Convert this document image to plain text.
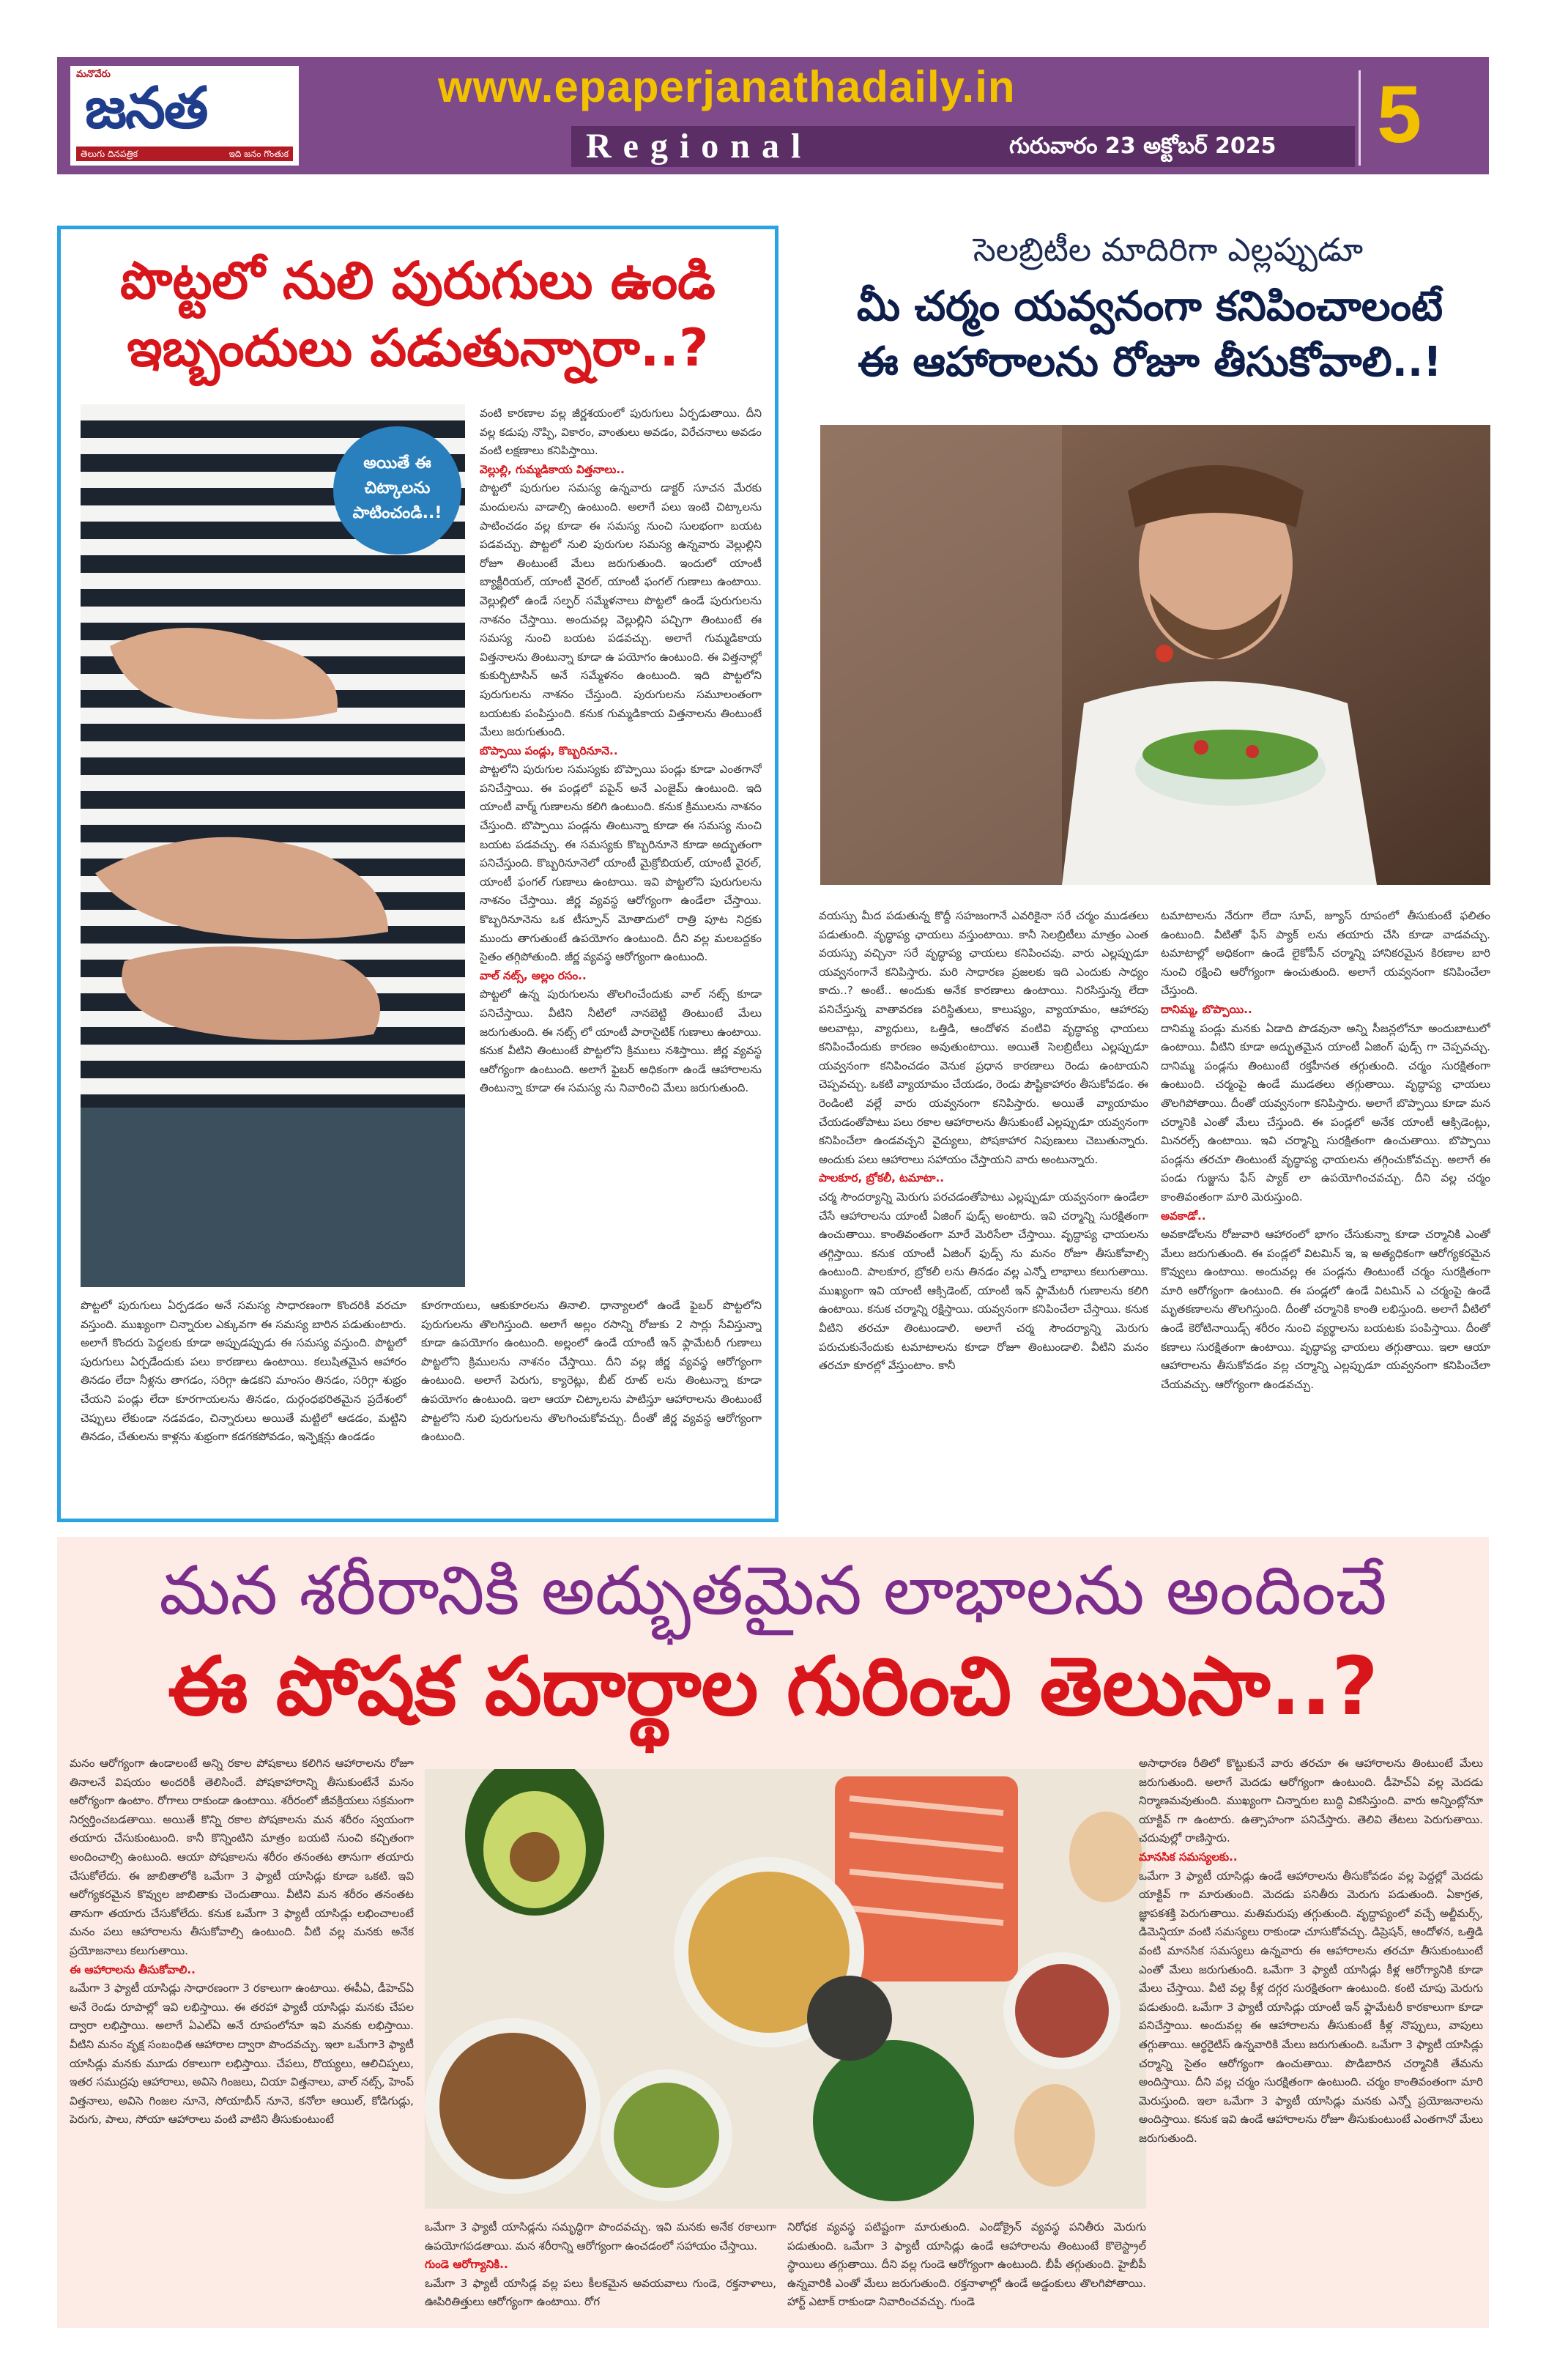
మనొవేరు
జనత
తెలుగు దినపత్రిక	ఇది జనం గొంతుక
www.epaperjanathadaily.in
Regional	గురువారం 23 అక్టోబర్ 2025 5
పొట్టలో నులి పురుగులు ఉండి
ఇబ్బందులు పడుతున్నారా..?
అయితే ఈ చిట్కాలను పాటించండి..!
వంటి కారణాల వల్ల జీర్ణశయంలో పురుగులు ఏర్పడుతాయి. దీని వల్ల కడుపు నొప్పి, వికారం, వాంతులు అవడం, విరేచనాలు అవడం వంటి లక్షణాలు కనిపిస్తాయి.
వెల్లుల్లి, గుమ్మడికాయ విత్తనాలు..
పొట్టలో పురుగుల సమస్య ఉన్నవారు డాక్టర్ సూచన మేరకు మందులను వాడాల్సి ఉంటుంది. అలాగే పలు ఇంటి చిట్కాలను పాటించడం వల్ల కూడా ఈ సమస్య నుంచి సులభంగా బయట పడవచ్చు. పొట్టలో నులి పురుగుల సమస్య ఉన్నవారు వెల్లుల్లిని రోజూ తింటుంటే మేలు జరుగుతుంది. ఇందులో యాంటీ బ్యాక్టీరియల్, యాంటీ వైరల్, యాంటీ ఫంగల్ గుణాలు ఉంటాయి. వెల్లుల్లిలో ఉండే సల్ఫర్ సమ్మేళనాలు పొట్టలో ఉండే పురుగులను నాశనం చేస్తాయి. అందువల్ల వెల్లుల్లిని పచ్చిగా తింటుంటే ఈ సమస్య నుంచి బయట పడవచ్చు. అలాగే గుమ్మడికాయ విత్తనాలను తింటున్నా కూడా ఉ పయోగం ఉంటుంది. ఈ విత్తనాల్లో కుకుర్బిటాసిన్ అనే సమ్మేళనం ఉంటుంది. ఇది పొట్టలోని పురుగులను నాశనం చేస్తుంది. పురుగులను సమూలంతంగా బయటకు పంపిస్తుంది. కనుక గుమ్మడికాయ విత్తనాలను తింటుంటే మేలు జరుగుతుంది.
బొప్పాయి పండ్లు, కొబ్బరినూనె..
పొట్టలోని పురుగుల సమస్యకు బొప్పాయి పండ్లు కూడా ఎంతగానో పనిచేస్తాయి. ఈ పండ్లలో పపైన్ అనే ఎంజైమ్ ఉంటుంది. ఇది యాంటీ వార్మ్ గుణాలను కలిగి ఉంటుంది. కనుక క్రిములను నాశనం చేస్తుంది. బొప్పాయి పండ్లను తింటున్నా కూడా ఈ సమస్య నుంచి బయట పడవచ్చు. ఈ సమస్యకు కొబ్బరినూనె కూడా అద్భుతంగా పనిచేస్తుంది. కొబ్బరినూనెలో యాంటీ మైక్రోబియల్, యాంటీ వైరల్, యాంటీ ఫంగల్ గుణాలు ఉంటాయి. ఇవి పొట్టలోని పురుగులను నాశనం చేస్తాయి. జీర్ణ వ్యవస్థ ఆరోగ్యంగా ఉండేలా చేస్తాయి. కొబ్బరినూనెను ఒక టీస్పూన్ మోతాదులో రాత్రి పూట నిద్రకు ముందు తాగుతుంటే ఉపయోగం ఉంటుంది. దీని వల్ల మలబద్దకం సైతం తగ్గిపోతుంది. జీర్ణ వ్యవస్థ ఆరోగ్యంగా ఉంటుంది.
వాల్ నట్స్, అల్లం రసం..
పొట్టలో ఉన్న పురుగులను తొలగించేందుకు వాల్ నట్స్ కూడా పనిచేస్తాయి. వీటిని నీటిలో నానబెట్టి తింటుంటే మేలు జరుగుతుంది. ఈ నట్స్ లో యాంటీ పారాసైటిక్ గుణాలు ఉంటాయి. కనుక వీటిని తింటుంటే పొట్టలోని క్రిములు నశిస్తాయి. జీర్ణ వ్యవస్థ ఆరోగ్యంగా ఉంటుంది. అలాగే ఫైబర్ అధికంగా ఉండే ఆహారాలను తింటున్నా కూడా ఈ సమస్య ను నివారించి మేలు జరుగుతుంది.
పొట్టలో పురుగులు ఏర్పడడం అనే సమస్య సాధారణంగా కొందరికి వరచూ వస్తుంది. ముఖ్యంగా చిన్నారుల ఎక్కువగా ఈ సమస్య బారిన పడుతుంటారు. అలాగే కొందరు పెద్దలకు కూడా అప్పుడప్పుడు ఈ సమస్య వస్తుంది. పొట్టలో పురుగులు ఏర్పడేందుకు పలు కారణాలు ఉంటాయి. కలుషితమైన ఆహారం తినడం లేదా నీళ్లను తాగడం, సరిగ్గా ఉడకని మాంసం తినడం, సరిగ్గా శుభ్రం చేయని పండ్లు లేదా కూరగాయలను తినడం, దుర్గంధభరితమైన ప్రదేశంలో చెప్పులు లేకుండా నడవడం, చిన్నారులు అయితే మట్టిలో ఆడడం, మట్టిని తినడం, చేతులను కాళ్లను శుభ్రంగా కడగకపోవడం, ఇన్ఫెక్షన్లు ఉండడం
కూరగాయలు, ఆకుకూరలను తినాలి. ధాన్యాలలో ఉండే ఫైబర్ పొట్టలోని పురుగులను తొలగిస్తుంది. అలాగే అల్లం రసాన్ని రోజుకు 2 సార్లు సేవిస్తున్నా కూడా ఉపయోగం ఉంటుంది. అల్లంలో ఉండే యాంటీ ఇన్ ఫ్లామేటరీ గుణాలు పొట్టలోని క్రిములను నాశనం చేస్తాయి. దీని వల్ల జీర్ణ వ్యవస్థ ఆరోగ్యంగా ఉంటుంది. అలాగే పెరుగు, క్యారెట్లు, బీట్ రూట్ లను తింటున్నా కూడా ఉపయోగం ఉంటుంది. ఇలా ఆయా చిట్కాలను పాటిస్తూ ఆహారాలను తింటుంటే పొట్టలోని నులి పురుగులను తొలగించుకోవచ్చు. దీంతో జీర్ణ వ్యవస్థ ఆరోగ్యంగా ఉంటుంది.
సెలబ్రిటీల మాదిరిగా ఎల్లప్పుడూ
మీ చర్మం యవ్వనంగా కనిపించాలంటే
ఈ ఆహారాలను రోజూ తీసుకోవాలి..!
వయస్సు మీద పడుతున్న కొద్దీ సహజంగానే ఎవరికైనా సరే చర్మం ముడతలు పడుతుంది. వృద్ధాప్య ఛాయలు వస్తుంటాయి. కానీ సెలబ్రిటీలు మాత్రం ఎంత వయస్సు వచ్చినా సరే వృద్ధాప్య ఛాయలు కనిపించవు. వారు ఎల్లప్పుడూ యవ్వనంగానే కనిపిస్తారు. మరి సాధారణ ప్రజలకు ఇది ఎందుకు సాధ్యం కాదు..? అంటే.. అందుకు అనేక కారణాలు ఉంటాయి. నిరసిస్తున్న లేదా పనిచేస్తున్న వాతావరణ పరిస్థితులు, కాలుష్యం, వ్యాయామం, ఆహారపు అలవాట్లు, వ్యాధులు, ఒత్తిడి, ఆందోళన వంటివి వృద్ధాప్య ఛాయలు కనిపించేందుకు కారణం అవుతుంటాయి. అయితే సెలబ్రిటీలు ఎల్లప్పుడూ యవ్వనంగా కనిపించడం వెనుక ప్రధాన కారణాలు రెండు ఉంటాయని చెప్పవచ్చు. ఒకటి వ్యాయామం చేయడం, రెండు పౌష్టికాహారం తీసుకోవడం. ఈ రెండింటి వల్లే వారు యవ్వనంగా కనిపిస్తారు. అయితే వ్యాయామం చేయడంతోపాటు పలు రకాల ఆహారాలను తీసుకుంటే ఎల్లప్పుడూ యవ్వనంగా కనిపించేలా ఉండవచ్చని వైద్యులు, పోషకాహార నిపుణులు చెబుతున్నారు. అందుకు పలు ఆహారాలు సహాయం చేస్తాయని వారు అంటున్నారు.
పాలకూర, బ్రోకలీ, టమాటా..
చర్మ సౌందర్యాన్ని మెరుగు పరచడంతోపాటు ఎల్లప్పుడూ యవ్వనంగా ఉండేలా చేసే ఆహారాలను యాంటీ ఏజింగ్ ఫుడ్స్ అంటారు. ఇవి చర్మాన్ని సురక్షితంగా ఉంచుతాయి. కాంతివంతంగా మారే మెరిసేలా చేస్తాయి. వృద్ధాప్య ఛాయలను తగ్గిస్తాయి. కనుక యాంటీ ఏజింగ్ ఫుడ్స్ ను మనం రోజూ తీసుకోవాల్సి ఉంటుంది. పాలకూర, బ్రోకలీ లను తినడం వల్ల ఎన్నో లాభాలు కలుగుతాయి. ముఖ్యంగా ఇవి యాంటీ ఆక్సిడెంట్, యాంటీ ఇన్ ఫ్లామేటరీ గుణాలను కలిగి ఉంటాయి. కనుక చర్మాన్ని రక్షిస్తాయి. యవ్వనంగా కనిపించేలా చేస్తాయి. కనుక వీటిని తరచూ తింటుండాలి. అలాగే చర్మ సౌందర్యాన్ని మెరుగు పరుచుకునేందుకు టమాటాలను కూడా రోజూ తింటుండాలి. వీటిని మనం తరచూ కూరల్లో వేస్తుంటాం. కానీ
టమాటాలను నేరుగా లేదా సూప్, జ్యూస్ రూపంలో తీసుకుంటే ఫలితం ఉంటుంది. వీటితో ఫేస్ ప్యాక్ లను తయారు చేసి కూడా వాడవచ్చు. టమాటాల్లో అధికంగా ఉండే లైకోపీన్ చర్మాన్ని హానికరమైన కిరణాల బారి నుంచి రక్షించి ఆరోగ్యంగా ఉంచుతుంది. అలాగే యవ్వనంగా కనిపించేలా చేస్తుంది.
దానిమ్మ, బొప్పాయి..
దానిమ్మ పండ్లు మనకు ఏడాది పొడవునా అన్ని సీజన్లలోనూ అందుబాటులో ఉంటాయి. వీటిని కూడా అద్భుతమైన యాంటీ ఏజింగ్ ఫుడ్స్ గా చెప్పవచ్చు. దానిమ్మ పండ్లను తింటుంటే రక్తహీనత తగ్గుతుంది. చర్మం సురక్షితంగా ఉంటుంది. చర్మంపై ఉండే ముడతలు తగ్గుతాయి. వృద్ధాప్య ఛాయలు తొలగిపోతాయి. దీంతో యవ్వనంగా కనిపిస్తారు. అలాగే బొప్పాయి కూడా మన చర్మానికి ఎంతో మేలు చేస్తుంది. ఈ పండ్లలో అనేక యాంటీ ఆక్సిడెంట్లు, మినరల్స్ ఉంటాయి. ఇవి చర్మాన్ని సురక్షితంగా ఉంచుతాయి. బొప్పాయి పండ్లను తరచూ తింటుంటే వృద్ధాప్య ఛాయలను తగ్గించుకోవచ్చు. అలాగే ఈ పండు గుజ్జును ఫేస్ ప్యాక్ లా ఉపయోగించవచ్చు. దీని వల్ల చర్మం కాంతివంతంగా మారి మెరుస్తుంది.
అవకాడో..
అవకాడోలను రోజువారి ఆహారంలో భాగం చేసుకున్నా కూడా చర్మానికి ఎంతో మేలు జరుగుతుంది. ఈ పండ్లలో విటమిన్ ఇ, ఇ అత్యధికంగా ఆరోగ్యకరమైన కొవ్వులు ఉంటాయి. అందువల్ల ఈ పండ్లను తింటుంటే చర్మం సురక్షితంగా మారి ఆరోగ్యంగా ఉంటుంది. ఈ పండ్లలో ఉండే విటమిన్ ఎ చర్మంపై ఉండే మృతకణాలను తొలగిస్తుంది. దీంతో చర్మానికి కాంతి లభిస్తుంది. అలాగే వీటిలో ఉండే కెరోటినాయిడ్స్ శరీరం నుంచి వ్యర్థాలను బయటకు పంపిస్తాయి. దీంతో కణాలు సురక్షితంగా ఉంటాయి. వృద్ధాప్య ఛాయలు తగ్గుతాయి. ఇలా ఆయా ఆహారాలను తీసుకోవడం వల్ల చర్మాన్ని ఎల్లప్పుడూ యవ్వనంగా కనిపించేలా చేయవచ్చు. ఆరోగ్యంగా ఉండవచ్చు.
మన శరీరానికి అద్భుతమైన లాభాలను అందించే
ఈ పోషక పదార్థాల గురించి తెలుసా..?
మనం ఆరోగ్యంగా ఉండాలంటే అన్ని రకాల పోషకాలు కలిగిన ఆహారాలను రోజూ తినాలనే విషయం అందరికీ తెలిసిందే. పోషకాహారాన్ని తీసుకుంటేనే మనం ఆరోగ్యంగా ఉంటాం. రోగాలు రాకుండా ఉంటాయి. శరీరంలో జీవక్రియలు సక్రమంగా నిర్వర్తించబడతాయి. అయితే కొన్ని రకాల పోషకాలను మన శరీరం స్వయంగా తయారు చేసుకుంటుంది. కానీ కొన్నింటిని మాత్రం బయటి నుంచి కచ్చితంగా అందించాల్సి ఉంటుంది. ఆయా పోషకాలను శరీరం తనంతట తానుగా తయారు చేసుకోలేదు. ఈ జాబితాలోకి ఒమేగా 3 ఫ్యాటీ యాసిడ్లు కూడా ఒకటి. ఇవి ఆరోగ్యకరమైన కొవ్వుల జాబితాకు చెందుతాయి. వీటిని మన శరీరం తనంతట తానుగా తయారు చేసుకోలేదు. కనుక ఒమేగా 3 ఫ్యాటీ యాసిడ్లు లభించాలంటే మనం పలు ఆహారాలను తీసుకోవాల్సి ఉంటుంది. వీటి వల్ల మనకు అనేక ప్రయోజనాలు కలుగుతాయి.
ఈ ఆహారాలను తీసుకోవాలి..
ఒమేగా 3 ఫ్యాటీ యాసిడ్లు సాధారణంగా 3 రకాలుగా ఉంటాయి. ఈపీఏ, డీహెచ్ఏ అనే రెండు రూపాల్లో ఇవి లభిస్తాయి. ఈ తరహా ఫ్యాటీ యాసిడ్లు మనకు చేపల ద్వారా లభిస్తాయి. అలాగే ఏఎల్ఏ అనే రూపంలోనూ ఇవి మనకు లభిస్తాయి. వీటిని మనం వృక్ష సంబంధిత ఆహారాల ద్వారా పొందవచ్చు. ఇలా ఒమేగా3 ఫ్యాటీ యాసిడ్లు మనకు మూడు రకాలుగా లభిస్తాయి. చేపలు, రొయ్యలు, ఆలిచిప్పలు, ఇతర సముద్రపు ఆహారాలు, అవిసె గింజలు, చియా విత్తనాలు, వాల్ నట్స్, హెంప్ విత్తనాలు, అవిసె గింజల నూనె, సోయాబీన్ నూనె, కనోలా ఆయిల్, కోడిగుడ్లు, పెరుగు, పాలు, సోయా ఆహారాలు వంటి వాటిని తీసుకుంటుంటే
ఒమేగా 3 ఫ్యాటీ యాసిడ్లను సమృద్ధిగా పొందవచ్చు. ఇవి మనకు అనేక రకాలుగా ఉపయోగపడతాయి. మన శరీరాన్ని ఆరోగ్యంగా ఉంచడంలో సహాయం చేస్తాయి.
గుండె ఆరోగ్యానికి..
ఒమేగా 3 ఫ్యాటీ యాసిడ్ల వల్ల పలు కీలకమైన అవయవాలు గుండె, రక్తనాళాలు, ఊపిరితిత్తులు ఆరోగ్యంగా ఉంటాయి. రోగ
నిరోధక వ్యవస్థ పటిష్టంగా మారుతుంది. ఎండోక్రైన్ వ్యవస్థ పనితీరు మెరుగు పడుతుంది. ఒమేగా 3 ఫ్యాటీ యాసిడ్లు ఉండే ఆహారాలను తింటుంటే కొలెస్ట్రాల్ స్థాయిలు తగ్గుతాయి. దీని వల్ల గుండె ఆరోగ్యంగా ఉంటుంది. బీపీ తగ్గుతుంది. హైబీపీ ఉన్నవారికి ఎంతో మేలు జరుగుతుంది. రక్తనాళాల్లో ఉండే అడ్డంకులు తొలగిపోతాయి. హార్ట్ ఎటాక్ రాకుండా నివారించవచ్చు. గుండె
అసాధారణ రీతిలో కొట్టుకునే వారు తరచూ ఈ ఆహారాలను తింటుంటే మేలు జరుగుతుంది. అలాగే మెదడు ఆరోగ్యంగా ఉంటుంది. డీహెచ్ఏ వల్ల మెదడు నిర్మాణమవుతుంది. ముఖ్యంగా చిన్నారుల బుద్ధి వికసిస్తుంది. వారు అన్నింట్లోనూ యాక్టివ్ గా ఉంటారు. ఉత్సాహంగా పనిచేస్తారు. తెలివి తేటలు పెరుగుతాయి. చదువుల్లో రాణిస్తారు.
మానసిక సమస్యలకు..
ఒమేగా 3 ఫ్యాటీ యాసిడ్లు ఉండే ఆహారాలను తీసుకోవడం వల్ల పెద్దల్లో మెదడు యాక్టివ్ గా మారుతుంది. మెదడు పనితీరు మెరుగు పడుతుంది. ఏకాగ్రత, జ్ఞాపకశక్తి పెరుగుతాయి. మతిమరుపు తగ్గుతుంది. వృద్ధాప్యంలో వచ్చే అల్జీమర్స్, డిమెన్షియా వంటి సమస్యలు రాకుండా చూసుకోవచ్చు. డిప్రెషన్, ఆందోళన, ఒత్తిడి వంటి మానసిక సమస్యలు ఉన్నవారు ఈ ఆహారాలను తరచూ తీసుకుంటుంటే ఎంతో మేలు జరుగుతుంది. ఒమేగా 3 ఫ్యాటీ యాసిడ్లు కీళ్ల ఆరోగ్యానికి కూడా మేలు చేస్తాయి. వీటి వల్ల కీళ్ల దగ్గర సురక్షితంగా ఉంటుంది. కంటి చూపు మెరుగు పడుతుంది. ఒమేగా 3 ఫ్యాటీ యాసిడ్లు యాంటీ ఇన్ ఫ్లామేటరీ కారకాలుగా కూడా పనిచేస్తాయి. అందువల్ల ఈ ఆహారాలను తీసుకుంటే కీళ్ల నొప్పులు, వాపులు తగ్గుతాయి. ఆర్థరైటిస్ ఉన్నవారికి మేలు జరుగుతుంది. ఒమేగా 3 ఫ్యాటీ యాసిడ్లు చర్మాన్ని సైతం ఆరోగ్యంగా ఉంచుతాయి. పొడిబారిన చర్మానికి తేమను అందిస్తాయి. దీని వల్ల చర్మం సురక్షితంగా ఉంటుంది. చర్మం కాంతివంతంగా మారి మెరుస్తుంది. ఇలా ఒమేగా 3 ఫ్యాటీ యాసిడ్లు మనకు ఎన్నో ప్రయోజనాలను అందిస్తాయి. కనుక ఇవి ఉండే ఆహారాలను రోజూ తీసుకుంటుంటే ఎంతగానో మేలు జరుగుతుంది.
